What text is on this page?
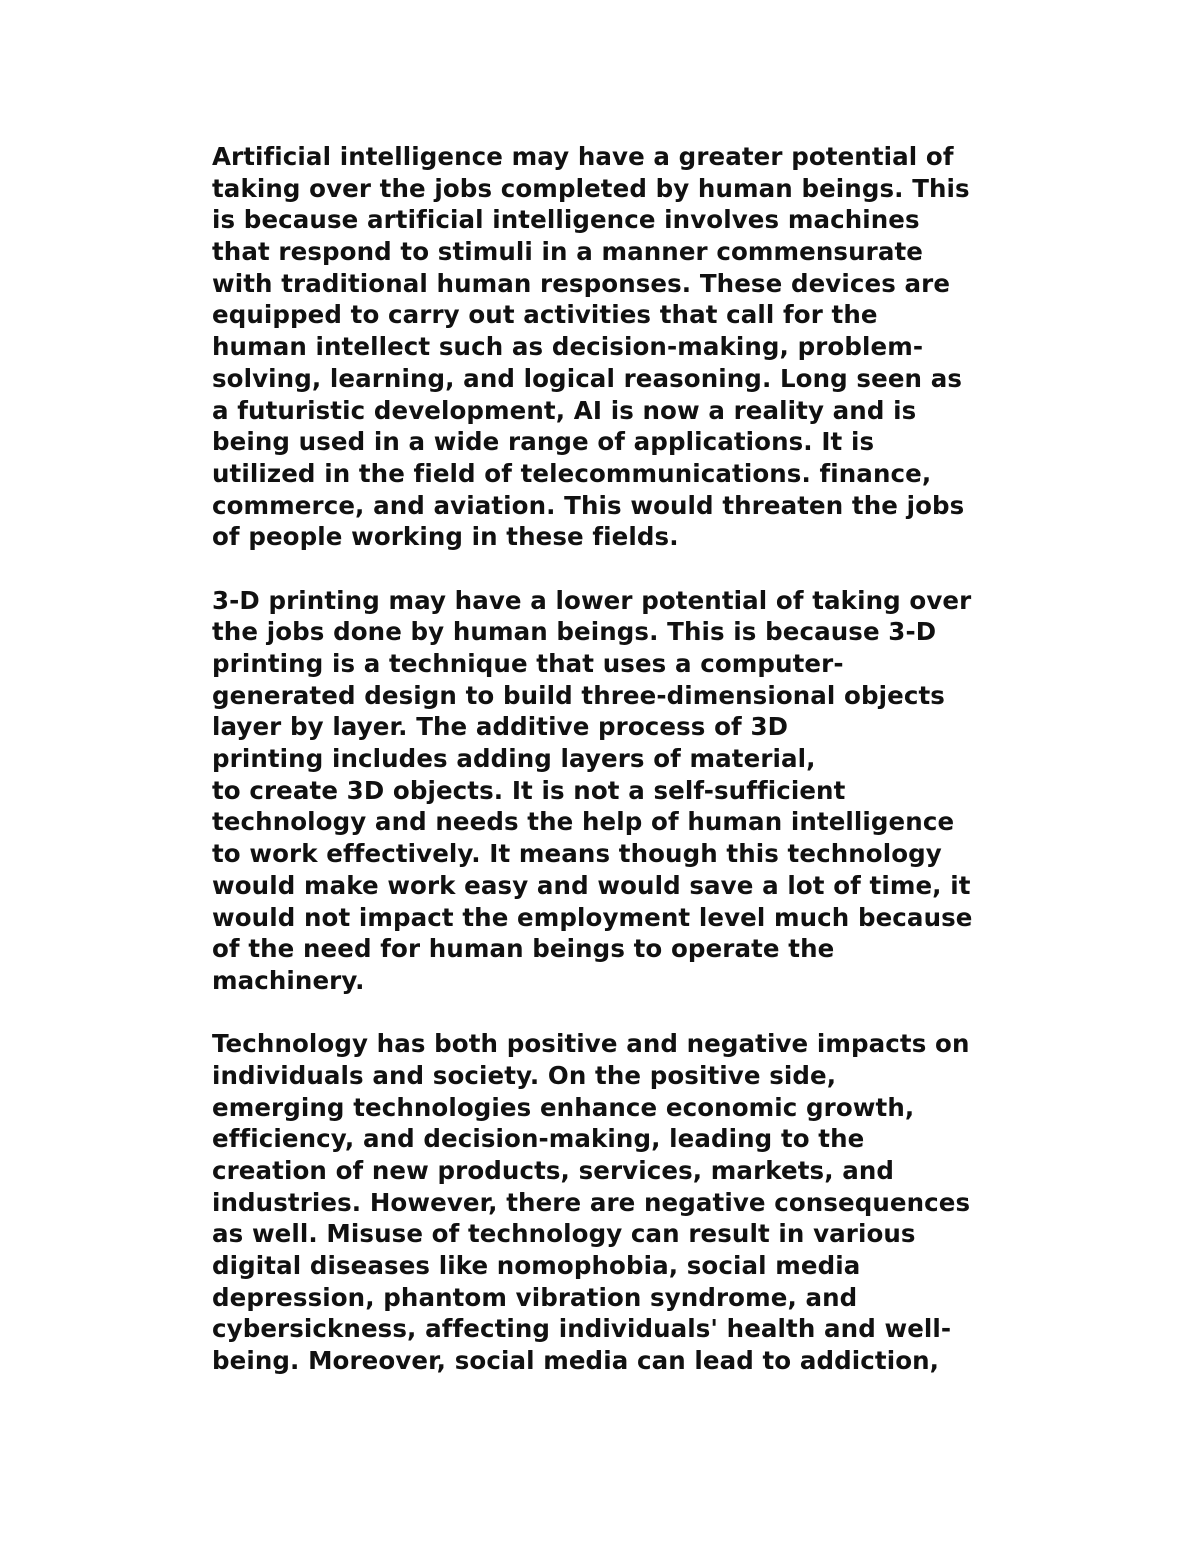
Artificial intelligence may have a greater potential of
taking over the jobs completed by human beings. This
is because artificial intelligence involves machines
that respond to stimuli in a manner commensurate
with traditional human responses. These devices are
equipped to carry out activities that call for the
human intellect such as decision-making, problem-
solving, learning, and logical reasoning. Long seen as
a futuristic development, AI is now a reality and is
being used in a wide range of applications. It is
utilized in the field of telecommunications. finance,
commerce, and aviation. This would threaten the jobs
of people working in these fields.
3-D printing may have a lower potential of taking over
the jobs done by human beings. This is because 3-D
printing is a technique that uses a computer-
generated design to build three-dimensional objects
layer by layer. The additive process of 3D
printing includes adding layers of material,
to create 3D objects. It is not a self-sufficient
technology and needs the help of human intelligence
to work effectively. It means though this technology
would make work easy and would save a lot of time, it
would not impact the employment level much because
of the need for human beings to operate the
machinery.
Technology has both positive and negative impacts on
individuals and society. On the positive side,
emerging technologies enhance economic growth,
efficiency, and decision-making, leading to the
creation of new products, services, markets, and
industries. However, there are negative consequences
as well. Misuse of technology can result in various
digital diseases like nomophobia, social media
depression, phantom vibration syndrome, and
cybersickness, affecting individuals' health and well-
being. Moreover, social media can lead to addiction,
